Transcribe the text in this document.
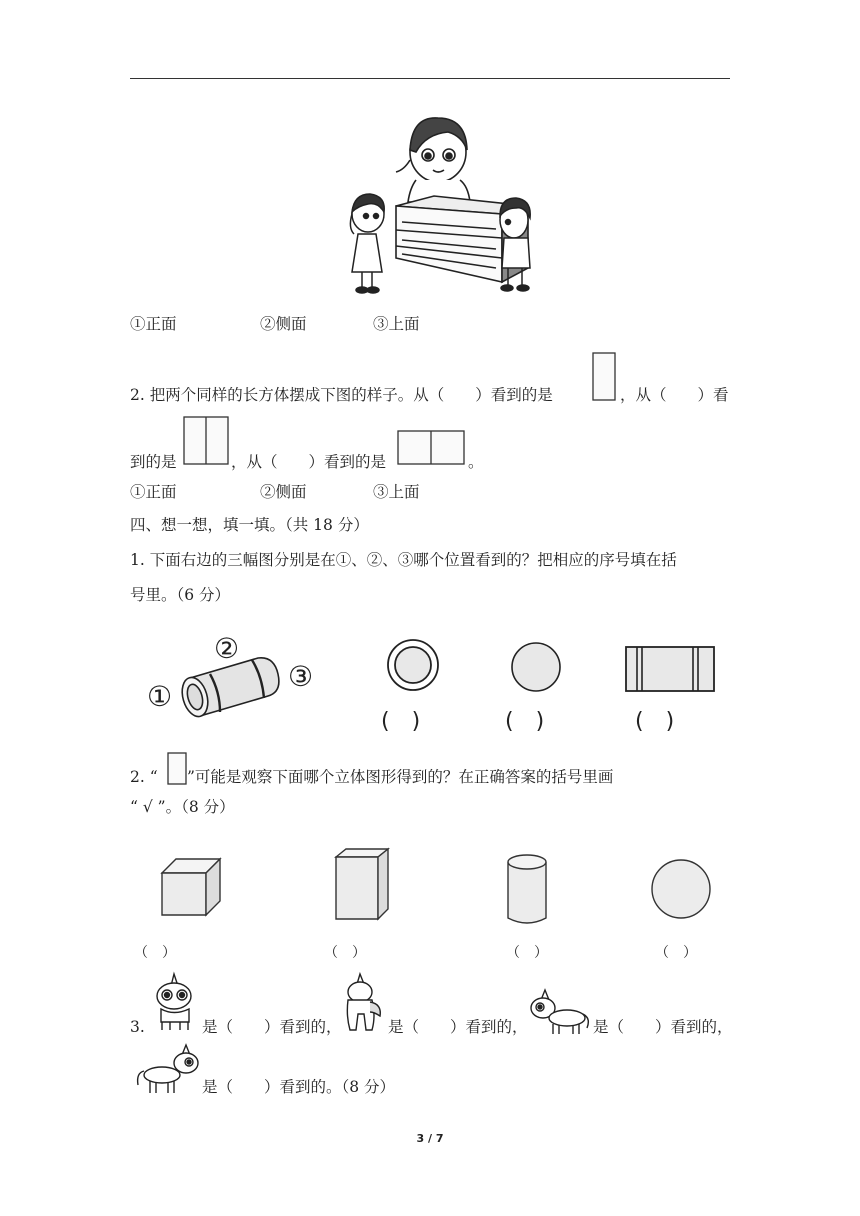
①正面	②侧面	③上面
2. 把两个同样的长方体摆成下图的样子。从（　　）看到的是	，从（　　）看
到的是	，从（　　）看到的是	。
①正面	②侧面	③上面
四、想一想，填一填。（共 18 分）
1. 下面右边的三幅图分别是在①、②、③哪个位置看到的？把相应的序号填在括
号里。（6 分）
①
②
③
(　)	(　)	(　)
2. “ ”可能是观察下面哪个立体图形得到的？在正确答案的括号里画
“ √ ”。（8 分）
（　）	（　）	（　）	（　）
3.	是（　　）看到的，	是（　　）看到的，	是（　　）看到的，
是（　　）看到的。（8 分）
3 / 7
